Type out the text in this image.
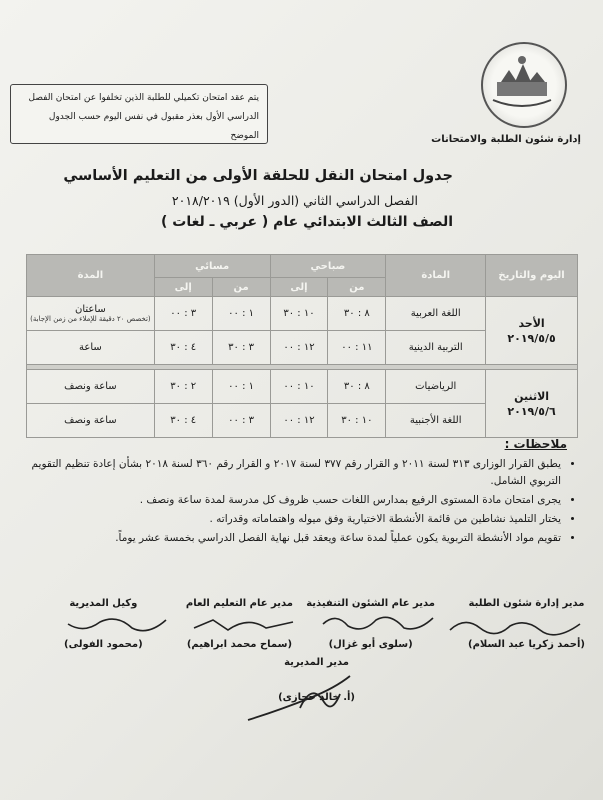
إدارة شئون الطلبة والامتحانات
يتم عقد امتحان تكميلي للطلبة الذين تخلفوا عن امتحان الفصل الدراسي الأول بعذر مقبول في نفس اليوم حسب الجدول الموضح
جدول امتحان النقل للحلقة الأولى من التعليم الأساسي
الفصل الدراسي الثاني (الدور الأول) ٢٠١٨/٢٠١٩
الصف الثالث الابتدائي عام ( عربي ـ لغات )
اليوم والتاريخ	المادة	صباحي		مسائي		المدة
		من	إلى	من	إلى	
الأحد
٢٠١٩/٥/٥	اللغة العربية	٨ : ٣٠	١٠ : ٣٠	١ : ٠٠	٣ : ٠٠	ساعتان
(تخصص ٢٠ دقيقة للإملاء من زمن الإجابة)

	التربية الدينية	١١ : ٠٠	١٢ : ٠٠	٣ : ٣٠	٤ : ٣٠	ساعة

الاثنين
٢٠١٩/٥/٦	الرياضيات	٨ : ٣٠	١٠ : ٠٠	١ : ٠٠	٢ : ٣٠	ساعة ونصف
	اللغة الأجنبية	١٠ : ٣٠	١٢ : ٠٠	٣ : ٠٠	٤ : ٣٠	ساعة ونصف
ملاحظات :
• يطبق القرار الوزارى ٣١٣ لسنة ٢٠١١ و القرار رقم ٣٧٧ لسنة ٢٠١٧ و القرار رقم ٣٦٠ لسنة ٢٠١٨ بشأن إعادة تنظيم التقويم التربوي الشامل.
• يجرى امتحان مادة المستوى الرفيع بمدارس اللغات حسب ظروف كل مدرسة لمدة ساعة ونصف .
• يختار التلميذ نشاطين من قائمة الأنشطة الاختيارية وفق ميوله واهتماماته وقدراته .
• تقويم مواد الأنشطة التربوية يكون عملياً لمدة ساعة ويعقد قبل نهاية الفصل الدراسي بخمسة عشر يوماً.
مدير إدارة شئون الطلبة
(أحمد زكريا عبد السلام)
مدير عام الشئون التنفيذية
(سلوى أبو غزال)
مدير عام التعليم العام
(سماح محمد ابراهيم)
وكيل المديرية
(محمود الفولى)
مدير المديرية
(أ. خالد حجازى)
